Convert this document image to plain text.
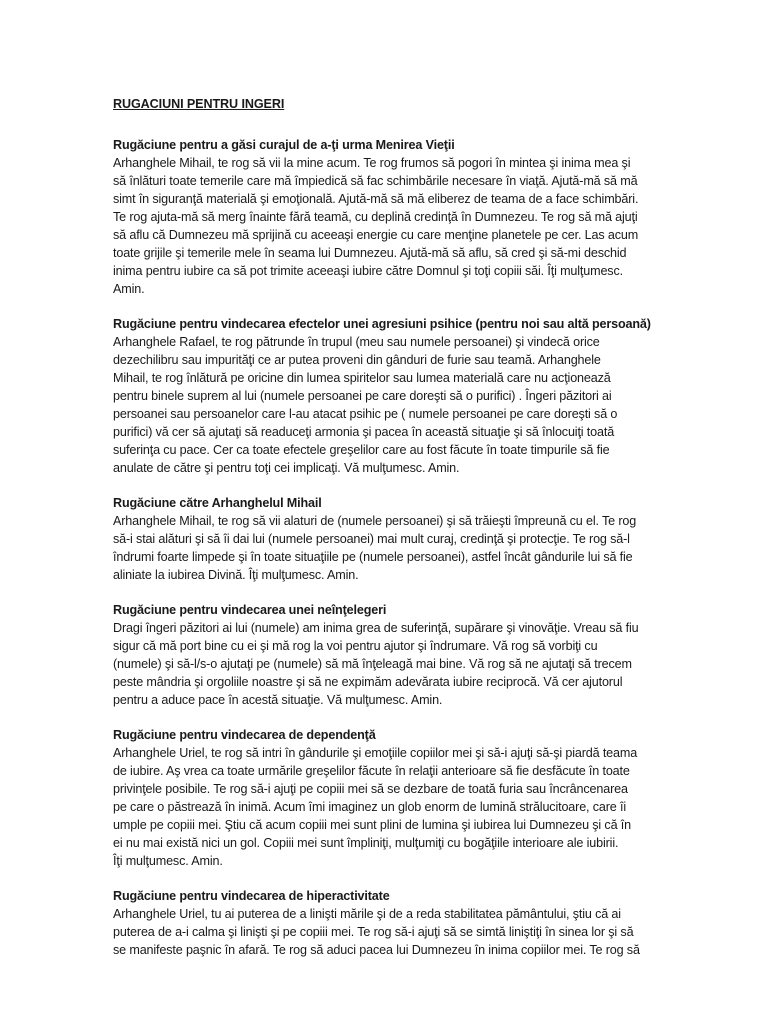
RUGACIUNI PENTRU INGERI

Rugăciune pentru a găsi curajul de a-ţi urma Menirea Vieţii

Arhanghele Mihail, te rog să vii la mine acum. Te rog frumos să pogori în mintea şi inima mea şi
să înlături toate temerile care mă împiedică să fac schimbările necesare în viaţă. Ajută-mă să mă
simt în siguranţă materială şi emoţională. Ajută-mă să mă eliberez de teama de a face schimbări.
Te rog ajuta-mă să merg înainte fără teamă, cu deplină credinţă în Dumnezeu. Te rog să mă ajuţi
să aflu că Dumnezeu mă sprijină cu aceeaşi energie cu care menţine planetele pe cer. Las acum
toate grijile şi temerile mele în seama lui Dumnezeu. Ajută-mă să aflu, să cred şi să-mi deschid
inima pentru iubire ca să pot trimite aceeaşi iubire către Domnul şi toţi copiii săi. Îţi mulţumesc.
Amin.

Rugăciune pentru vindecarea efectelor unei agresiuni psihice (pentru noi sau altă persoană)

Arhanghele Rafael, te rog pătrunde în trupul (meu sau numele persoanei) şi vindecă orice
dezechilibru sau impurităţi ce ar putea proveni din gânduri de furie sau teamă. Arhanghele
Mihail, te rog înlătură pe oricine din lumea spiritelor sau lumea materială care nu acţionează
pentru binele suprem al lui (numele persoanei pe care doreşti să o purifici) . Îngeri păzitori ai
persoanei sau persoanelor care l-au atacat psihic pe ( numele persoanei pe care doreşti să o
purifici) vă cer să ajutaţi să readuceţi armonia şi pacea în această situaţie şi să înlocuiţi toată
suferinţa cu pace. Cer ca toate efectele greşelilor care au fost făcute în toate timpurile să fie
anulate de către şi pentru toţi cei implicaţi. Vă mulţumesc. Amin.

Rugăciune către Arhanghelul Mihail

Arhanghele Mihail, te rog să vii alaturi de (numele persoanei) şi să trăieşti împreună cu el. Te rog
să-i stai alături şi să îi dai lui (numele persoanei) mai mult curaj, credinţă şi protecţie. Te rog să-l
îndrumi foarte limpede şi în toate situaţiile pe (numele persoanei), astfel încât gândurile lui să fie
aliniate la iubirea Divină. Îţi mulţumesc. Amin.

Rugăciune pentru vindecarea unei neînţelegeri

Dragi îngeri păzitori ai lui (numele) am inima grea de suferinţă, supărare şi vinovăţie. Vreau să fiu
sigur că mă port bine cu ei şi mă rog la voi pentru ajutor şi îndrumare. Vă rog să vorbiţi cu
(numele) şi să-l/s-o ajutaţi pe (numele) să mă înţeleagă mai bine. Vă rog să ne ajutaţi să trecem
peste mândria şi orgoliile noastre şi să ne expimăm adevărata iubire reciprocă. Vă cer ajutorul
pentru a aduce pace în acestă situaţie. Vă mulţumesc. Amin.

Rugăciune pentru vindecarea de dependenţă

Arhanghele Uriel, te rog să intri în gândurile şi emoţiile copiilor mei şi să-i ajuţi să-şi piardă teama
de iubire. Aş vrea ca toate urmările greşelilor făcute în relaţii anterioare să fie desfăcute în toate
privinţele posibile. Te rog să-i ajuţi pe copiii mei să se dezbare de toată furia sau încrâncenarea
pe care o păstrează în inimă. Acum îmi imaginez un glob enorm de lumină strălucitoare, care îi
umple pe copiii mei. Ştiu că acum copiii mei sunt plini de lumina şi iubirea lui Dumnezeu şi că în
ei nu mai există nici un gol. Copiii mei sunt împliniţi, mulţumiţi cu bogăţiile interioare ale iubirii.
Îţi mulţumesc. Amin.

Rugăciune pentru vindecarea de hiperactivitate

Arhanghele Uriel, tu ai puterea de a linişti mările şi de a reda stabilitatea pământului, ştiu că ai
puterea de a-i calma şi linişti şi pe copiii mei. Te rog să-i ajuţi să se simtă liniştiţi în sinea lor şi să
se manifeste paşnic în afară. Te rog să aduci pacea lui Dumnezeu în inima copiilor mei. Te rog să
